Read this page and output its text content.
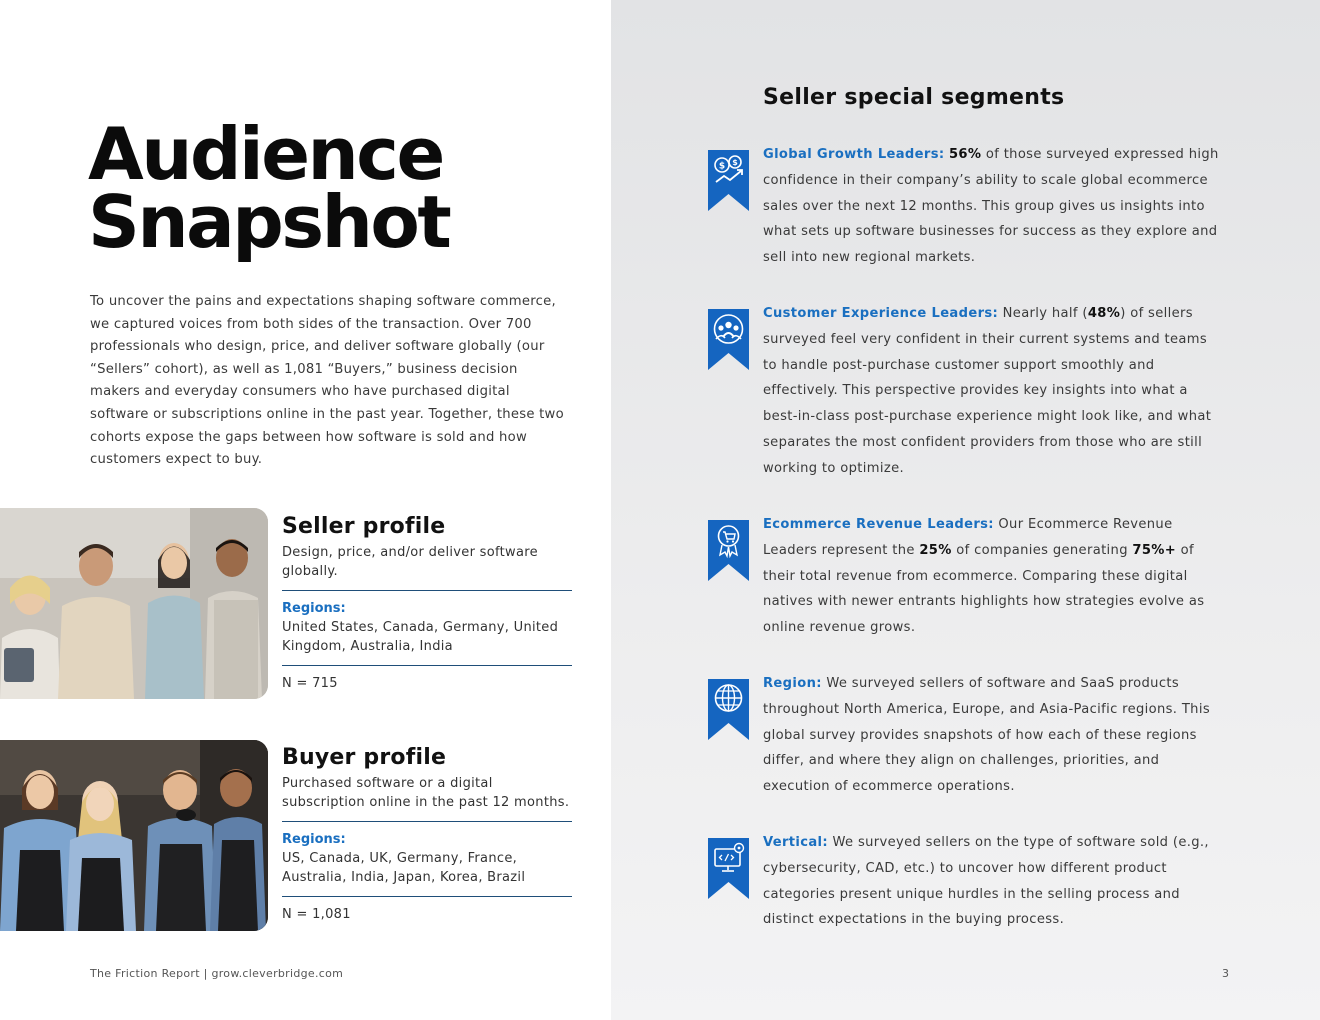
Audience
Snapshot

To uncover the pains and expectations shaping software commerce, we captured voices from both sides of the transaction. Over 700 professionals who design, price, and deliver software globally (our “Sellers” cohort), as well as 1,081 “Buyers,” business decision makers and everyday consumers who have purchased digital software or subscriptions online in the past year. Together, these two cohorts expose the gaps between how software is sold and how customers expect to buy.

Seller profile
Design, price, and/or deliver software globally.
Regions:
United States, Canada, Germany, United Kingdom, Australia, India
N = 715
Buyer profile
Purchased software or a digital subscription online in the past 12 months.
Regions:
US, Canada, UK, Germany, France, Australia, India, Japan, Korea, Brazil
N = 1,081
The Friction Report | grow.cleverbridge.com
Seller special segments
$ $
Global Growth Leaders: 56% of those surveyed expressed high confidence in their company’s ability to scale global ecommerce sales over the next 12 months. This group gives us insights into what sets up software businesses for success as they explore and sell into new regional markets.
Customer Experience Leaders: Nearly half (48%) of sellers surveyed feel very confident in their current systems and teams to handle post-purchase customer support smoothly and effectively. This perspective provides key insights into what a best-in-class post-purchase experience might look like, and what separates the most confident providers from those who are still working to optimize.
Ecommerce Revenue Leaders: Our Ecommerce Revenue Leaders represent the 25% of companies generating 75%+ of their total revenue from ecommerce. Comparing these digital natives with newer entrants highlights how strategies evolve as online revenue grows.
Region: We surveyed sellers of software and SaaS products throughout North America, Europe, and Asia-Pacific regions. This global survey provides snapshots of how each of these regions differ, and where they align on challenges, priorities, and execution of ecommerce operations.
Vertical: We surveyed sellers on the type of software sold (e.g., cybersecurity, CAD, etc.) to uncover how different product categories present unique hurdles in the selling process and distinct expectations in the buying process.
3
